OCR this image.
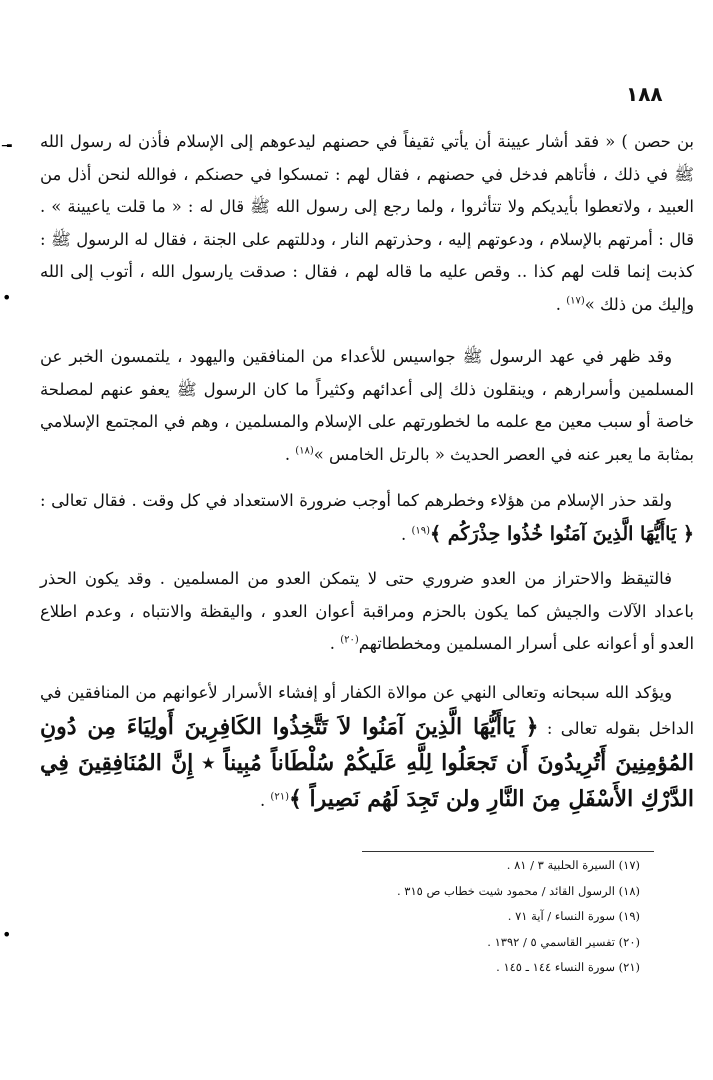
١٨٨
╼
•
•

بن حصن ) « فقد أشار عيينة أن يأتي ثقيفاً في حصنهم ليدعوهم إلى الإسلام فأذن له رسول الله ﷺ في ذلك ، فأتاهم فدخل في حصنهم ، فقال لهم : تمسكوا في حصنكم ، فوالله لنحن أذل من العبيد ، ولاتعطوا بأيديكم ولا تتأثروا ، ولما رجع إلى رسول الله ﷺ قال له : « ما قلت ياعيينة » . قال : أمرتهم بالإسلام ، ودعوتهم إليه ، وحذرتهم النار ، ودللتهم على الجنة ، فقال له الرسول ﷺ : كذبت إنما قلت لهم كذا .. وقص عليه ما قاله لهم ، فقال : صدقت يارسول الله ، أتوب إلى الله وإليك من ذلك »$^{(١٧)}$ .

وقد ظهر في عهد الرسول ﷺ جواسيس للأعداء من المنافقين واليهود ، يلتمسون الخبر عن المسلمين وأسرارهم ، وينقلون ذلك إلى أعدائهم وكثيراً ما كان الرسول ﷺ يعفو عنهم لمصلحة خاصة أو سبب معين مع علمه ما لخطورتهم على الإسلام والمسلمين ، وهم في المجتمع الإسلامي بمثابة ما يعبر عنه في العصر الحديث « بالرتل الخامس »$^{(١٨)}$ .

ولقد حذر الإسلام من هؤلاء وخطرهم كما أوجب ضرورة الاستعداد في كل وقت . فقال تعالى : ﴿ يَاأَيُّهَا الَّذِينَ آمَنُوا خُذُوا حِذْرَكُم ﴾$^{(١٩)}$ .

فالتيقظ والاحتراز من العدو ضروري حتى لا يتمكن العدو من المسلمين . وقد يكون الحذر باعداد الآلات والجيش كما يكون بالحزم ومراقبة أعوان العدو ، واليقظة والانتباه ، وعدم اطلاع العدو أو أعوانه على أسرار المسلمين ومخططاتهم$^{(٢٠)}$ .

ويؤكد الله سبحانه وتعالى النهي عن موالاة الكفار أو إفشاء الأسرار لأعوانهم من المنافقين في الداخل بقوله تعالى : ﴿ يَاأَيُّهَا الَّذِينَ آمَنُوا لاَ تَتَّخِذُوا الكَافِرِينَ أَولِيَاءَ مِن دُونِ المُؤمِنِينَ أَتُرِيدُونَ أَن تَجعَلُوا لِلَّهِ عَلَيكُمْ سُلْطَاناً مُبِيناً ٭ إِنَّ المُنَافِقِينَ فِي الدَّرْكِ الأَسْفَلِ مِنَ النَّارِ ولن تَجِدَ لَهُم نَصِيراً ﴾$^{(٢١)}$ .

(١٧) السيرة الحلبية ٣ / ٨١ .
(١٨) الرسول القائد / محمود شيت خطاب ص ٣١٥ .
(١٩) سورة النساء / آية ٧١ .
(٢٠) تفسير القاسمي ٥ / ١٣٩٢ .
(٢١) سورة النساء ١٤٤ ـ ١٤٥ .
